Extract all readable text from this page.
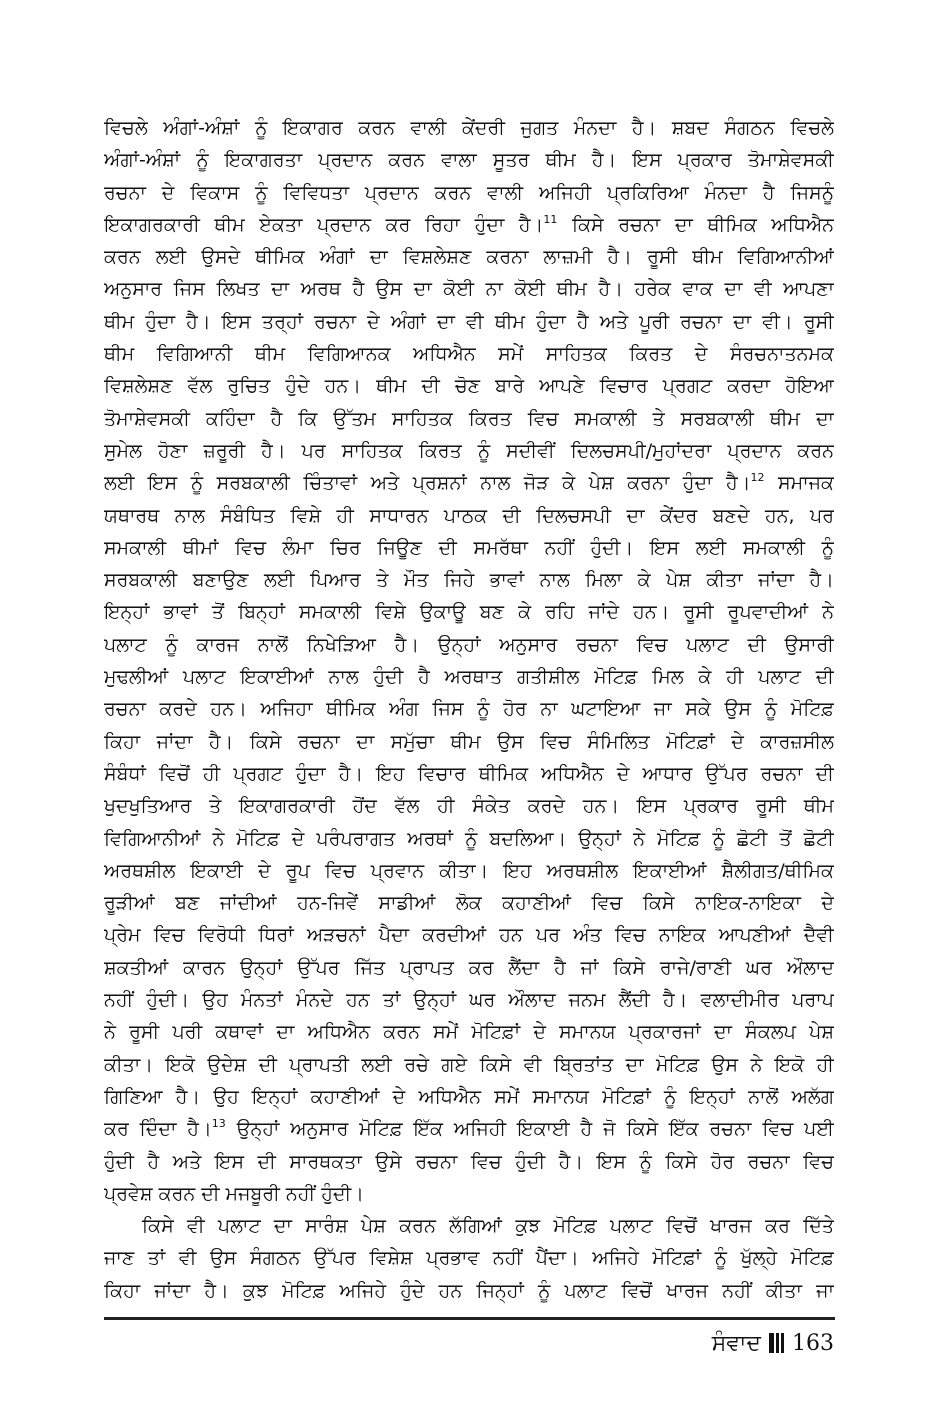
ਵਿਚਲੇ ਅੰਗਾਂ-ਅੰਸ਼ਾਂ ਨੂੰ ਇਕਾਗਰ ਕਰਨ ਵਾਲੀ ਕੇਂਦਰੀ ਜੁਗਤ ਮੰਨਦਾ ਹੈ। ਸ਼ਬਦ ਸੰਗਠਨ ਵਿਚਲੇ
ਅੰਗਾਂ-ਅੰਸ਼ਾਂ ਨੂੰ ਇਕਾਗਰਤਾ ਪ੍ਰਦਾਨ ਕਰਨ ਵਾਲਾ ਸੂਤਰ ਥੀਮ ਹੈ। ਇਸ ਪ੍ਰਕਾਰ ਤੋਮਾਸ਼ੇਵਸਕੀ
ਰਚਨਾ ਦੇ ਵਿਕਾਸ ਨੂੰ ਵਿਵਿਧਤਾ ਪ੍ਰਦਾਨ ਕਰਨ ਵਾਲੀ ਅਜਿਹੀ ਪ੍ਰਕਿਰਿਆ ਮੰਨਦਾ ਹੈ ਜਿਸਨੂੰ
ਇਕਾਗਰਕਾਰੀ ਥੀਮ ਏਕਤਾ ਪ੍ਰਦਾਨ ਕਰ ਰਿਹਾ ਹੁੰਦਾ ਹੈ।$^{11}$ ਕਿਸੇ ਰਚਨਾ ਦਾ ਥੀਮਿਕ ਅਧਿਐਨ
ਕਰਨ ਲਈ ਉਸਦੇ ਥੀਮਿਕ ਅੰਗਾਂ ਦਾ ਵਿਸ਼ਲੇਸ਼ਣ ਕਰਨਾ ਲਾਜ਼ਮੀ ਹੈ। ਰੂਸੀ ਥੀਮ ਵਿਗਿਆਨੀਆਂ
ਅਨੁਸਾਰ ਜਿਸ ਲਿਖਤ ਦਾ ਅਰਥ ਹੈ ਉਸ ਦਾ ਕੋਈ ਨਾ ਕੋਈ ਥੀਮ ਹੈ। ਹਰੇਕ ਵਾਕ ਦਾ ਵੀ ਆਪਣਾ
ਥੀਮ ਹੁੰਦਾ ਹੈ। ਇਸ ਤਰ੍ਹਾਂ ਰਚਨਾ ਦੇ ਅੰਗਾਂ ਦਾ ਵੀ ਥੀਮ ਹੁੰਦਾ ਹੈ ਅਤੇ ਪੂਰੀ ਰਚਨਾ ਦਾ ਵੀ। ਰੂਸੀ
ਥੀਮ ਵਿਗਿਆਨੀ ਥੀਮ ਵਿਗਿਆਨਕ ਅਧਿਐਨ ਸਮੇਂ ਸਾਹਿਤਕ ਕਿਰਤ ਦੇ ਸੰਰਚਨਾਤਨਮਕ
ਵਿਸ਼ਲੇਸ਼ਣ ਵੱਲ ਰੁਚਿਤ ਹੁੰਦੇ ਹਨ। ਥੀਮ ਦੀ ਚੋਣ ਬਾਰੇ ਆਪਣੇ ਵਿਚਾਰ ਪ੍ਰਗਟ ਕਰਦਾ ਹੋਇਆ
ਤੋਮਾਸ਼ੇਵਸਕੀ ਕਹਿੰਦਾ ਹੈ ਕਿ ਉੱਤਮ ਸਾਹਿਤਕ ਕਿਰਤ ਵਿਚ ਸਮਕਾਲੀ ਤੇ ਸਰਬਕਾਲੀ ਥੀਮ ਦਾ
ਸੁਮੇਲ ਹੋਣਾ ਜ਼ਰੂਰੀ ਹੈ। ਪਰ ਸਾਹਿਤਕ ਕਿਰਤ ਨੂੰ ਸਦੀਵੀਂ ਦਿਲਚਸਪੀ/ਮੁਹਾਂਦਰਾ ਪ੍ਰਦਾਨ ਕਰਨ
ਲਈ ਇਸ ਨੂੰ ਸਰਬਕਾਲੀ ਚਿੰਤਾਵਾਂ ਅਤੇ ਪ੍ਰਸ਼ਨਾਂ ਨਾਲ ਜੋੜ ਕੇ ਪੇਸ਼ ਕਰਨਾ ਹੁੰਦਾ ਹੈ।$^{12}$ ਸਮਾਜਕ
ਯਥਾਰਥ ਨਾਲ ਸੰਬੰਧਿਤ ਵਿਸ਼ੇ ਹੀ ਸਾਧਾਰਨ ਪਾਠਕ ਦੀ ਦਿਲਚਸਪੀ ਦਾ ਕੇਂਦਰ ਬਣਦੇ ਹਨ, ਪਰ
ਸਮਕਾਲੀ ਥੀਮਾਂ ਵਿਚ ਲੰਮਾ ਚਿਰ ਜਿਊਣ ਦੀ ਸਮਰੱਥਾ ਨਹੀਂ ਹੁੰਦੀ। ਇਸ ਲਈ ਸਮਕਾਲੀ ਨੂੰ
ਸਰਬਕਾਲੀ ਬਣਾਉਣ ਲਈ ਪਿਆਰ ਤੇ ਮੌਤ ਜਿਹੇ ਭਾਵਾਂ ਨਾਲ ਮਿਲਾ ਕੇ ਪੇਸ਼ ਕੀਤਾ ਜਾਂਦਾ ਹੈ।
ਇਨ੍ਹਾਂ ਭਾਵਾਂ ਤੋਂ ਬਿਨ੍ਹਾਂ ਸਮਕਾਲੀ ਵਿਸ਼ੇ ਉਕਾਊ ਬਣ ਕੇ ਰਹਿ ਜਾਂਦੇ ਹਨ। ਰੂਸੀ ਰੂਪਵਾਦੀਆਂ ਨੇ
ਪਲਾਟ ਨੂੰ ਕਾਰਜ ਨਾਲੋਂ ਨਿਖੇੜਿਆ ਹੈ। ਉਨ੍ਹਾਂ ਅਨੁਸਾਰ ਰਚਨਾ ਵਿਚ ਪਲਾਟ ਦੀ ਉਸਾਰੀ
ਮੁਢਲੀਆਂ ਪਲਾਟ ਇਕਾਈਆਂ ਨਾਲ ਹੁੰਦੀ ਹੈ ਅਰਥਾਤ ਗਤੀਸ਼ੀਲ ਮੋਟਿਫ਼ ਮਿਲ ਕੇ ਹੀ ਪਲਾਟ ਦੀ
ਰਚਨਾ ਕਰਦੇ ਹਨ। ਅਜਿਹਾ ਥੀਮਿਕ ਅੰਗ ਜਿਸ ਨੂੰ ਹੋਰ ਨਾ ਘਟਾਇਆ ਜਾ ਸਕੇ ਉਸ ਨੂੰ ਮੋਟਿਫ਼
ਕਿਹਾ ਜਾਂਦਾ ਹੈ। ਕਿਸੇ ਰਚਨਾ ਦਾ ਸਮੁੱਚਾ ਥੀਮ ਉਸ ਵਿਚ ਸੰਮਿਲਿਤ ਮੋਟਿਫ਼ਾਂ ਦੇ ਕਾਰਜ਼ਸੀਲ
ਸੰਬੰਧਾਂ ਵਿਚੋਂ ਹੀ ਪ੍ਰਗਟ ਹੁੰਦਾ ਹੈ। ਇਹ ਵਿਚਾਰ ਥੀਮਿਕ ਅਧਿਐਨ ਦੇ ਆਧਾਰ ਉੱਪਰ ਰਚਨਾ ਦੀ
ਖੁਦਖੁਤਿਆਰ ਤੇ ਇਕਾਗਰਕਾਰੀ ਹੋਂਦ ਵੱਲ ਹੀ ਸੰਕੇਤ ਕਰਦੇ ਹਨ। ਇਸ ਪ੍ਰਕਾਰ ਰੂਸੀ ਥੀਮ
ਵਿਗਿਆਨੀਆਂ ਨੇ ਮੋਟਿਫ਼ ਦੇ ਪਰੰਪਰਾਗਤ ਅਰਥਾਂ ਨੂੰ ਬਦਲਿਆ। ਉਨ੍ਹਾਂ ਨੇ ਮੋਟਿਫ਼ ਨੂੰ ਛੋਟੀ ਤੋਂ ਛੋਟੀ
ਅਰਥਸ਼ੀਲ ਇਕਾਈ ਦੇ ਰੂਪ ਵਿਚ ਪ੍ਰਵਾਨ ਕੀਤਾ। ਇਹ ਅਰਥਸ਼ੀਲ ਇਕਾਈਆਂ ਸ਼ੈਲੀਗਤ/ਥੀਮਿਕ
ਰੂੜੀਆਂ ਬਣ ਜਾਂਦੀਆਂ ਹਨ-ਜਿਵੇਂ ਸਾਡੀਆਂ ਲੋਕ ਕਹਾਣੀਆਂ ਵਿਚ ਕਿਸੇ ਨਾਇਕ-ਨਾਇਕਾ ਦੇ
ਪ੍ਰੇਮ ਵਿਚ ਵਿਰੋਧੀ ਧਿਰਾਂ ਅੜਚਨਾਂ ਪੈਦਾ ਕਰਦੀਆਂ ਹਨ ਪਰ ਅੰਤ ਵਿਚ ਨਾਇਕ ਆਪਣੀਆਂ ਦੈਵੀ
ਸ਼ਕਤੀਆਂ ਕਾਰਨ ਉਨ੍ਹਾਂ ਉੱਪਰ ਜਿੱਤ ਪ੍ਰਾਪਤ ਕਰ ਲੈਂਦਾ ਹੈ ਜਾਂ ਕਿਸੇ ਰਾਜੇ/ਰਾਣੀ ਘਰ ਔਲਾਦ
ਨਹੀਂ ਹੁੰਦੀ। ਉਹ ਮੰਨਤਾਂ ਮੰਨਦੇ ਹਨ ਤਾਂ ਉਨ੍ਹਾਂ ਘਰ ਔਲਾਦ ਜਨਮ ਲੈਂਦੀ ਹੈ। ਵਲਾਦੀਮੀਰ ਪਰਾਪ
ਨੇ ਰੂਸੀ ਪਰੀ ਕਥਾਵਾਂ ਦਾ ਅਧਿਐਨ ਕਰਨ ਸਮੇਂ ਮੋਟਿਫ਼ਾਂ ਦੇ ਸਮਾਨਯ ਪ੍ਰਕਾਰਜਾਂ ਦਾ ਸੰਕਲਪ ਪੇਸ਼
ਕੀਤਾ। ਇਕੋ ਉਦੇਸ਼ ਦੀ ਪ੍ਰਾਪਤੀ ਲਈ ਰਚੇ ਗਏ ਕਿਸੇ ਵੀ ਬ੍ਰਿਤਾਂਤ ਦਾ ਮੋਟਿਫ਼ ਉਸ ਨੇ ਇਕੋ ਹੀ
ਗਿਣਿਆ ਹੈ। ਉਹ ਇਨ੍ਹਾਂ ਕਹਾਣੀਆਂ ਦੇ ਅਧਿਐਨ ਸਮੇਂ ਸਮਾਨਯ ਮੋਟਿਫ਼ਾਂ ਨੂੰ ਇਨ੍ਹਾਂ ਨਾਲੋਂ ਅਲੱਗ
ਕਰ ਦਿੰਦਾ ਹੈ।$^{13}$ ਉਨ੍ਹਾਂ ਅਨੁਸਾਰ ਮੋਟਿਫ਼ ਇੱਕ ਅਜਿਹੀ ਇਕਾਈ ਹੈ ਜੋ ਕਿਸੇ ਇੱਕ ਰਚਨਾ ਵਿਚ ਪਈ
ਹੁੰਦੀ ਹੈ ਅਤੇ ਇਸ ਦੀ ਸਾਰਥਕਤਾ ਉਸੇ ਰਚਨਾ ਵਿਚ ਹੁੰਦੀ ਹੈ। ਇਸ ਨੂੰ ਕਿਸੇ ਹੋਰ ਰਚਨਾ ਵਿਚ
ਪ੍ਰਵੇਸ਼ ਕਰਨ ਦੀ ਮਜਬੂਰੀ ਨਹੀਂ ਹੁੰਦੀ।
ਕਿਸੇ ਵੀ ਪਲਾਟ ਦਾ ਸਾਰੰਸ਼ ਪੇਸ਼ ਕਰਨ ਲੱਗਿਆਂ ਕੁਝ ਮੋਟਿਫ਼ ਪਲਾਟ ਵਿਚੋਂ ਖਾਰਜ ਕਰ ਦਿੱਤੇ
ਜਾਣ ਤਾਂ ਵੀ ਉਸ ਸੰਗਠਨ ਉੱਪਰ ਵਿਸ਼ੇਸ਼ ਪ੍ਰਭਾਵ ਨਹੀਂ ਪੈਂਦਾ। ਅਜਿਹੇ ਮੋਟਿਫ਼ਾਂ ਨੂੰ ਖੁੱਲ੍ਹੇ ਮੋਟਿਫ਼
ਕਿਹਾ ਜਾਂਦਾ ਹੈ। ਕੁਝ ਮੋਟਿਫ਼ ਅਜਿਹੇ ਹੁੰਦੇ ਹਨ ਜਿਨ੍ਹਾਂ ਨੂੰ ਪਲਾਟ ਵਿਚੋਂ ਖਾਰਜ ਨਹੀਂ ਕੀਤਾ ਜਾ
ਸੰਵਾਦ 163
